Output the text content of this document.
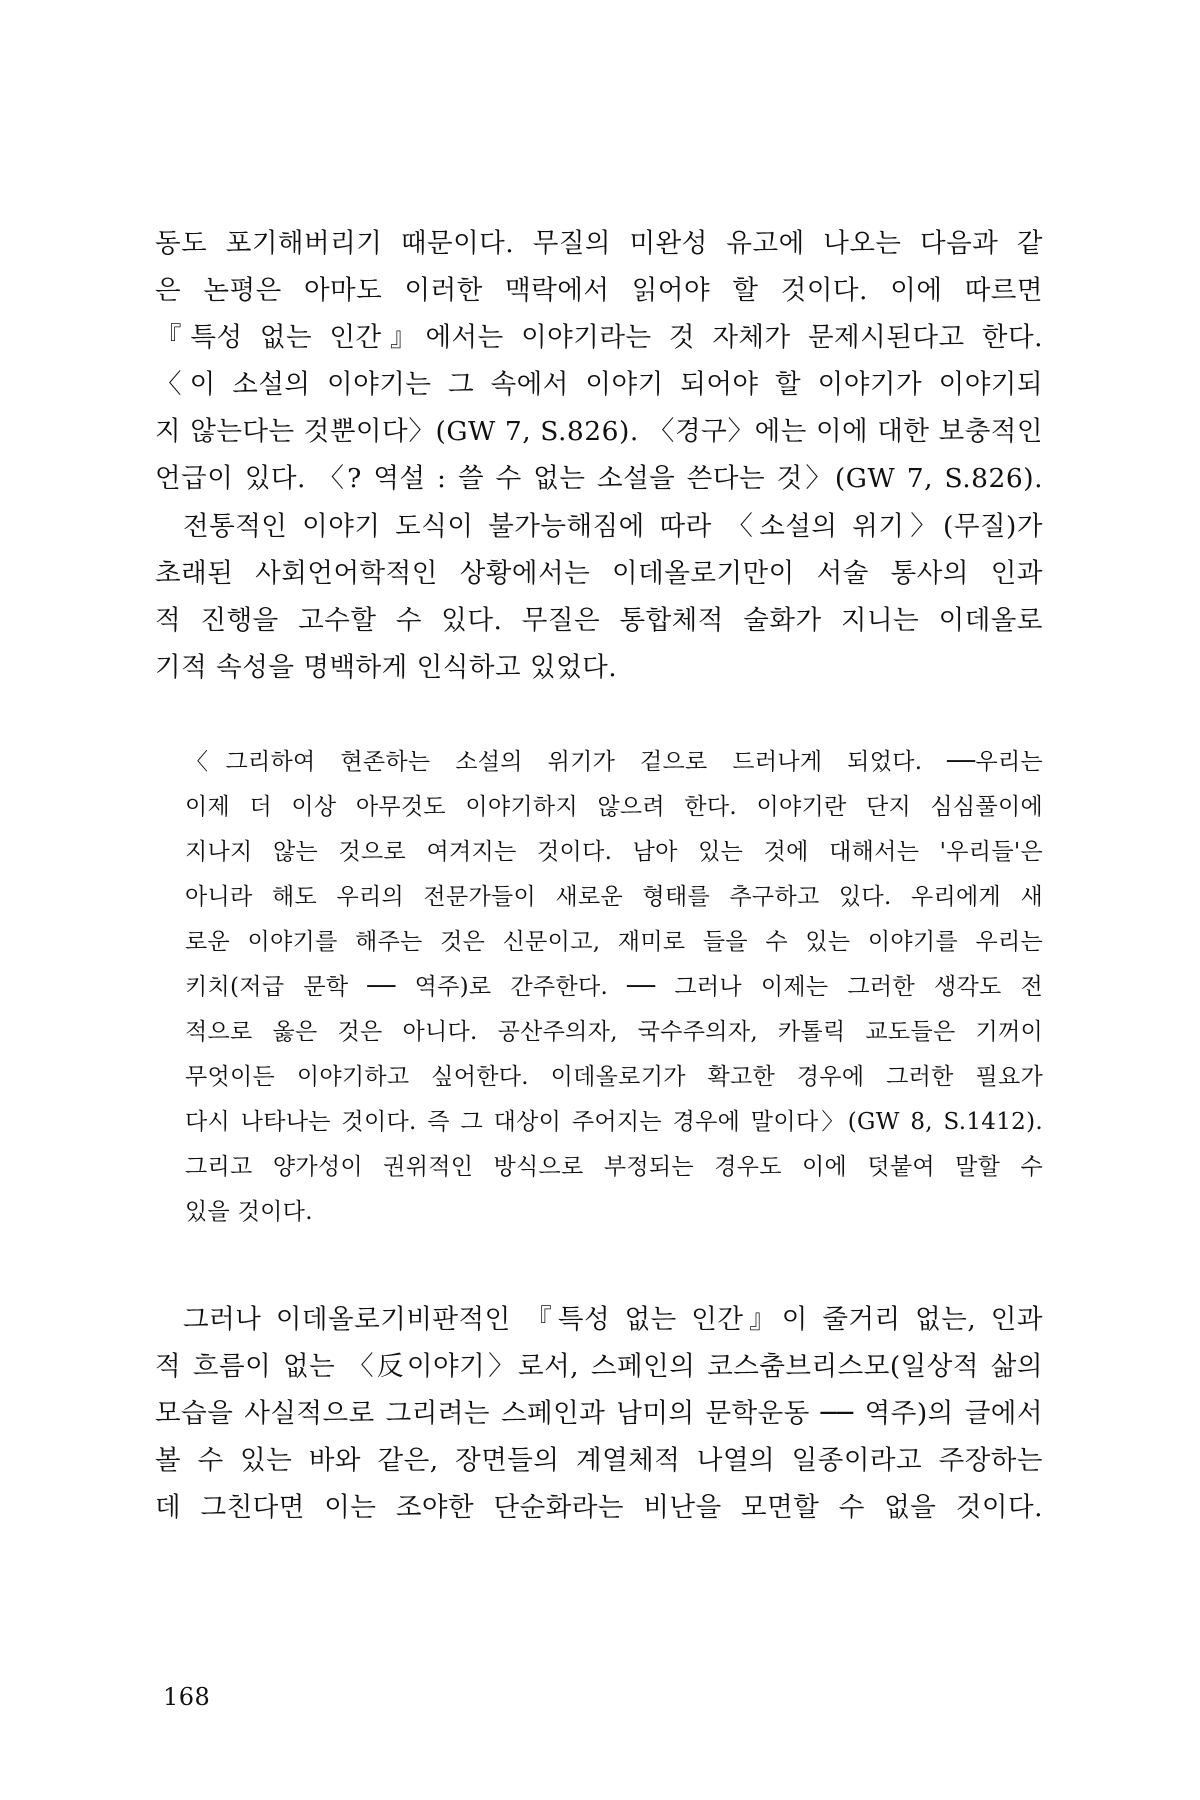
동도 포기해버리기 때문이다. 무질의 미완성 유고에 나오는 다음과 같
은 논평은 아마도 이러한 맥락에서 읽어야 할 것이다. 이에 따르면
『특성 없는 인간』에서는 이야기라는 것 자체가 문제시된다고 한다.
〈이 소설의 이야기는 그 속에서 이야기 되어야 할 이야기가 이야기되
지 않는다는 것뿐이다〉(GW 7, S.826). 〈경구〉에는 이에 대한 보충적인
언급이 있다. 〈? 역설 : 쓸 수 없는 소설을 쓴다는 것〉(GW 7, S.826).
전통적인 이야기 도식이 불가능해짐에 따라 〈소설의 위기〉(무질)가
초래된 사회언어학적인 상황에서는 이데올로기만이 서술 통사의 인과
적 진행을 고수할 수 있다. 무질은 통합체적 술화가 지니는 이데올로
기적 속성을 명백하게 인식하고 있었다.
〈그리하여 현존하는 소설의 위기가 겉으로 드러나게 되었다. ──우리는
이제 더 이상 아무것도 이야기하지 않으려 한다. 이야기란 단지 심심풀이에
지나지 않는 것으로 여겨지는 것이다. 남아 있는 것에 대해서는 '우리들'은
아니라 해도 우리의 전문가들이 새로운 형태를 추구하고 있다. 우리에게 새
로운 이야기를 해주는 것은 신문이고, 재미로 들을 수 있는 이야기를 우리는
키치(저급 문학 ── 역주)로 간주한다. ── 그러나 이제는 그러한 생각도 전
적으로 옳은 것은 아니다. 공산주의자, 국수주의자, 카톨릭 교도들은 기꺼이
무엇이든 이야기하고 싶어한다. 이데올로기가 확고한 경우에 그러한 필요가
다시 나타나는 것이다. 즉 그 대상이 주어지는 경우에 말이다〉(GW 8, S.1412).
그리고 양가성이 권위적인 방식으로 부정되는 경우도 이에 덧붙여 말할 수
있을 것이다.
그러나 이데올로기비판적인 『특성 없는 인간』이 줄거리 없는, 인과
적 흐름이 없는 〈反이야기〉로서, 스페인의 코스춤브리스모(일상적 삶의
모습을 사실적으로 그리려는 스페인과 남미의 문학운동 ── 역주)의 글에서
볼 수 있는 바와 같은, 장면들의 계열체적 나열의 일종이라고 주장하는
데 그친다면 이는 조야한 단순화라는 비난을 모면할 수 없을 것이다.
168
